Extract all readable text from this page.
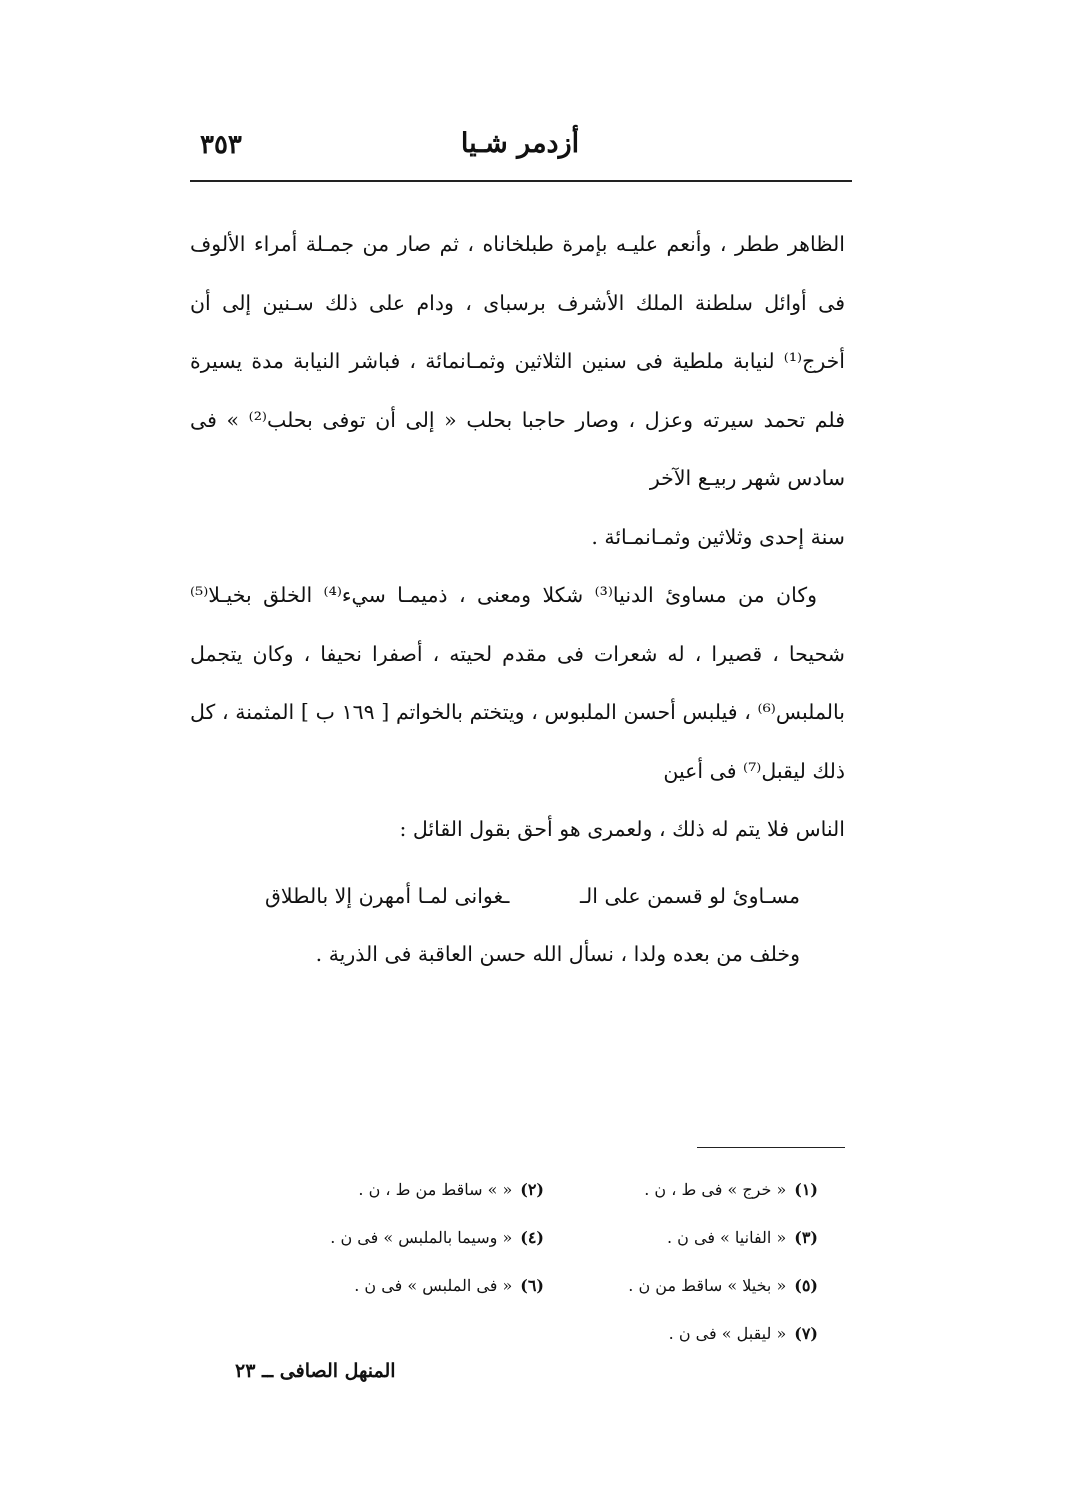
أزدمر شـيا
٣٥٣

الظاهر ططر ، وأنعم عليـه بإمرة طبلخاناه ، ثم صار من جمـلة أمراء الألوف فى أوائل سلطنة الملك الأشرف برسباى ، ودام على ذلك سـنين إلى أن أخرج⁽¹⁾ لنيابة ملطية فى سنين الثلاثين وثمـانمائة ، فباشر النيابة مدة يسيرة فلم تحمد سيرته وعزل ، وصار حاجبا بحلب « إلى أن توفى بحلب⁽²⁾ » فى سادس شهر ربيـع الآخر

سنة إحدى وثلاثين وثمـانمـائة .

وكان من مساوئ الدنيا⁽³⁾ شكلا ومعنى ، ذميمـا سيء⁽⁴⁾ الخلق بخيـلا⁽⁵⁾ شحيحا ، قصيرا ، له شعرات فى مقدم لحيته ، أصفرا نحيفا ، وكان يتجمل بالملبس⁽⁶⁾ ، فيلبس أحسن الملبوس ، ويتختم بالخواتم [ ١٦٩ ب ] المثمنة ، كل ذلك ليقبل⁽⁷⁾ فى أعين

الناس فلا يتم له ذلك ، ولعمرى هو أحق بقول القائل :

مسـاوئ لو قسمن على الـ
ـغوانى لمـا أمهرن إلا بالطلاق

وخلف من بعده ولدا ، نسأل الله حسن العاقبة فى الذرية .

(١)« خرج » فى ط ، ن .
(٢)« » ساقط من ط ، ن .
(٣)« الفانيا » فى ن .
(٤)« وسيما بالملبس » فى ن .
(٥)« بخيلا » ساقط من ن .
(٦)« فى الملبس » فى ن .
(٧)« ليقبل » فى ن .
المنهل الصافى ــ ٢٣
